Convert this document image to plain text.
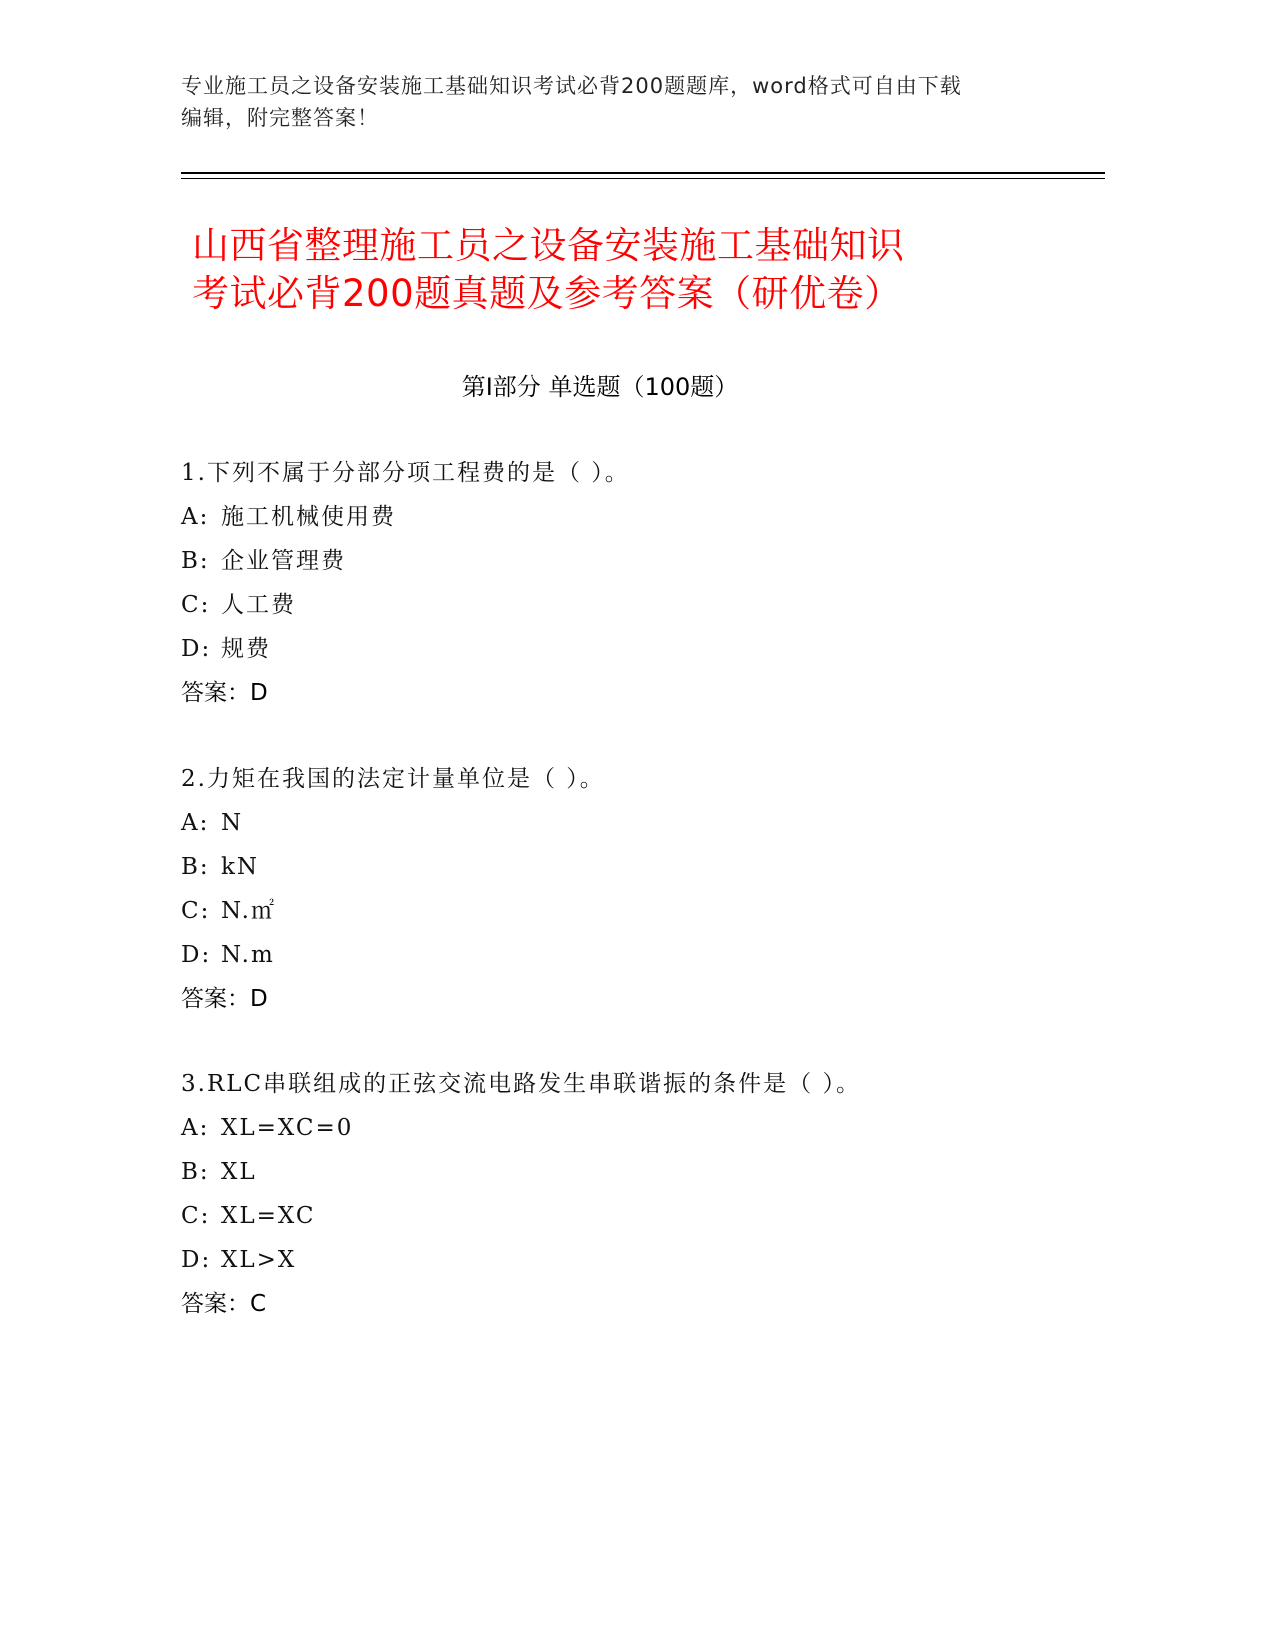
专业施工员之设备安装施工基础知识考试必背200题题库，word格式可自由下载
编辑，附完整答案！
山西省整理施工员之设备安装施工基础知识
考试必背200题真题及参考答案（研优卷）
第Ⅰ部分 单选题（100题）
1.下列不属于分部分项工程费的是（ ）。
A: 施工机械使用费
B: 企业管理费
C: 人工费
D: 规费
答案：D
2.力矩在我国的法定计量单位是（ ）。
A: N
B: kN
C: N.㎡
D: N.m
答案：D
3.RLC串联组成的正弦交流电路发生串联谐振的条件是（ ）。
A: XL=XC=0
B: XL
C: XL=XC
D: XL>X
答案：C
